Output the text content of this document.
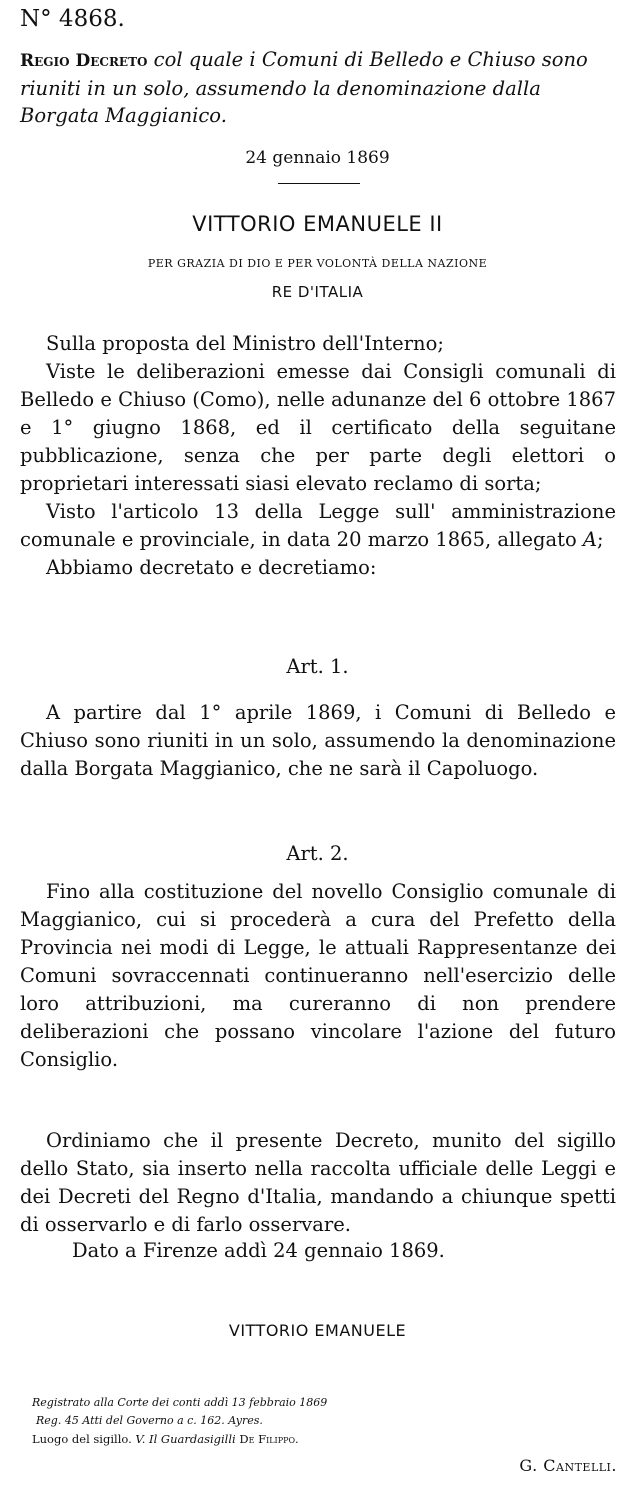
N° 4868.
Regio Decreto col quale i Comuni di Belledo e Chiuso sono riuniti in un solo, assumendo la denominazione dalla Borgata Maggianico.
24 gennaio 1869
VITTORIO EMANUELE II
PER GRAZIA DI DIO E PER VOLONTÀ DELLA NAZIONE
RE D'ITALIA

Sulla proposta del Ministro dell'Interno;

Viste le deliberazioni emesse dai Consigli comunali di Belledo e Chiuso (Como), nelle adunanze del 6 ottobre 1867 e 1° giugno 1868, ed il certificato della seguitane pubblicazione, senza che per parte degli elettori o proprietari interessati siasi elevato reclamo di sorta;

Visto l'articolo 13 della Legge sull' amministrazione comunale e provinciale, in data 20 marzo 1865, allegato A;

Abbiamo decretato e decretiamo:

Art. 1.

A partire dal 1° aprile 1869, i Comuni di Belledo e Chiuso sono riuniti in un solo, assumendo la denominazione dalla Borgata Maggianico, che ne sarà il Capoluogo.

Art. 2.

Fino alla costituzione del novello Consiglio comunale di Maggianico, cui si procederà a cura del Prefetto della Provincia nei modi di Legge, le attuali Rappresentanze dei Comuni sovraccennati continueranno nell'esercizio delle loro attribuzioni, ma cureranno di non prendere deliberazioni che possano vincolare l'azione del futuro Consiglio.

Ordiniamo che il presente Decreto, munito del sigillo dello Stato, sia inserto nella raccolta ufficiale delle Leggi e dei Decreti del Regno d'Italia, mandando a chiunque spetti di osservarlo e di farlo osservare.

Dato a Firenze addì 24 gennaio 1869.
VITTORIO EMANUELE
Registrato alla Corte dei conti addì 13 febbraio 1869
Reg. 45 Atti del Governo a c. 162. Ayres.
Luogo del sigillo. V. Il Guardasigilli De Filippo.
G. Cantelli.
